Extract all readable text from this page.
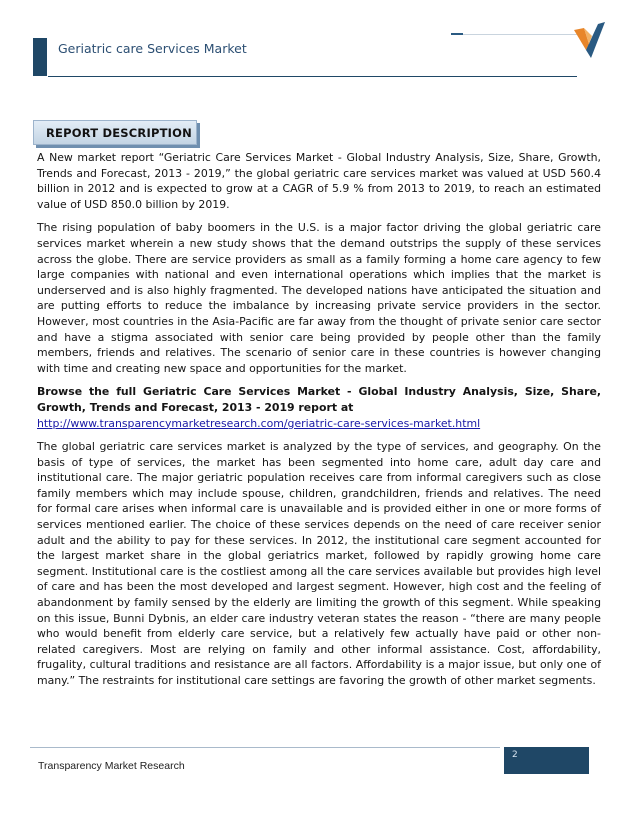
Geriatric care Services Market
REPORT DESCRIPTION

A New market report “Geriatric Care Services Market - Global Industry Analysis, Size, Share, Growth, Trends and Forecast, 2013 - 2019,” the global geriatric care services market was valued at USD 560.4 billion in 2012 and is expected to grow at a CAGR of 5.9 % from 2013 to 2019, to reach an estimated value of USD 850.0 billion by 2019.

The rising population of baby boomers in the U.S. is a major factor driving the global geriatric care services market wherein a new study shows that the demand outstrips the supply of these services across the globe. There are service providers as small as a family forming a home care agency to few large companies with national and even international operations which implies that the market is underserved and is also highly fragmented. The developed nations have anticipated the situation and are putting efforts to reduce the imbalance by increasing private service providers in the sector. However, most countries in the Asia-Pacific are far away from the thought of private senior care sector and have a stigma associated with senior care being provided by people other than the family members, friends and relatives. The scenario of senior care in these countries is however changing with time and creating new space and opportunities for the market.

Browse the full Geriatric Care Services Market - Global Industry Analysis, Size, Share, Growth, Trends and Forecast, 2013 - 2019 report at
http://www.transparencymarketresearch.com/geriatric-care-services-market.html

The global geriatric care services market is analyzed by the type of services, and geography. On the basis of type of services, the market has been segmented into home care, adult day care and institutional care. The major geriatric population receives care from informal caregivers such as close family members which may include spouse, children, grandchildren, friends and relatives. The need for formal care arises when informal care is unavailable and is provided either in one or more forms of services mentioned earlier. The choice of these services depends on the need of care receiver senior adult and the ability to pay for these services. In 2012, the institutional care segment accounted for the largest market share in the global geriatrics market, followed by rapidly growing home care segment. Institutional care is the costliest among all the care services available but provides high level of care and has been the most developed and largest segment. However, high cost and the feeling of abandonment by family sensed by the elderly are limiting the growth of this segment. While speaking on this issue, Bunni Dybnis, an elder care industry veteran states the reason - “there are many people who would benefit from elderly care service, but a relatively few actually have paid or other non-related caregivers. Most are relying on family and other informal assistance. Cost, affordability, frugality, cultural traditions and resistance are all factors. Affordability is a major issue, but only one of many.” The restraints for institutional care settings are favoring the growth of other market segments.

2
Transparency Market Research
